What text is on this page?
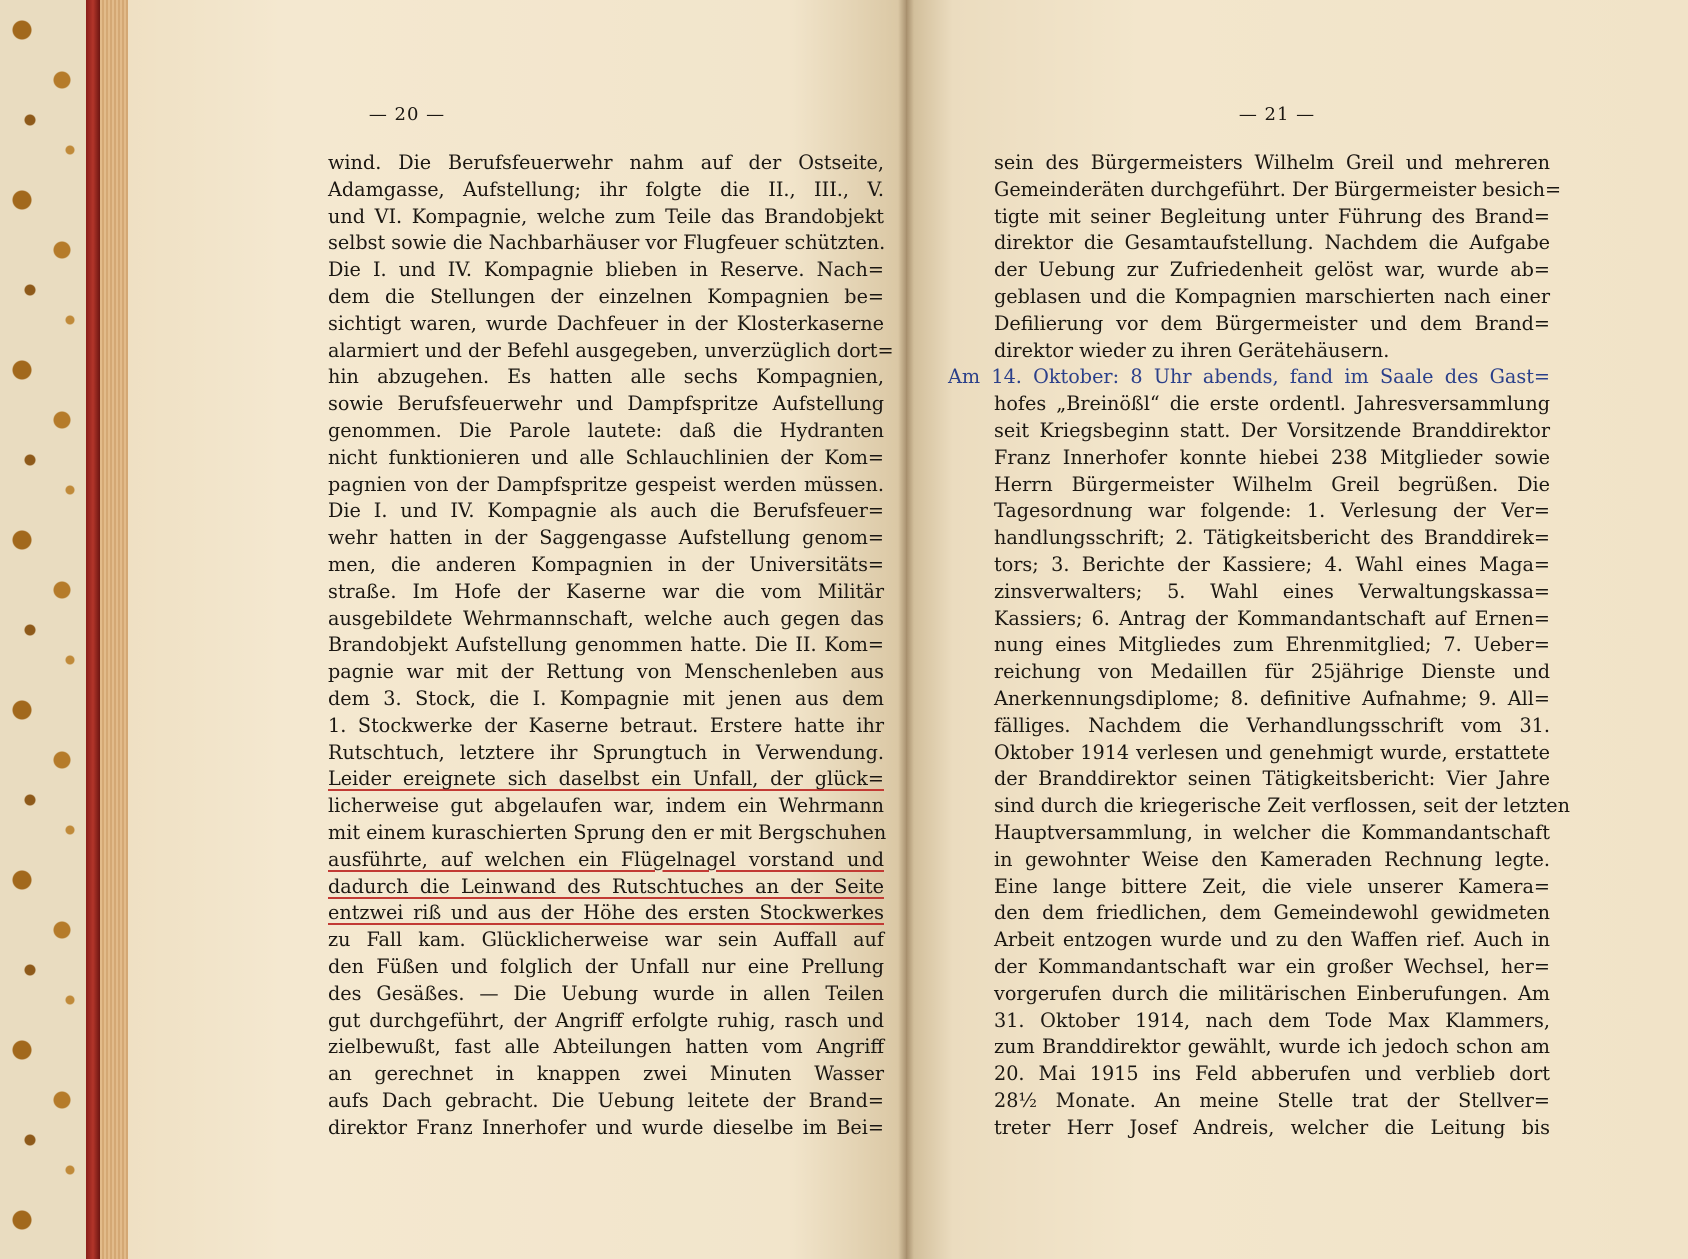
— 20 —
wind. Die Berufsfeuerwehr nahm auf der Ostseite,
Adamgasse, Aufstellung; ihr folgte die II., III., V.
und VI. Kompagnie, welche zum Teile das Brandobjekt
selbst sowie die Nachbarhäuser vor Flugfeuer schützten.
Die I. und IV. Kompagnie blieben in Reserve. Nach=
dem die Stellungen der einzelnen Kompagnien be=
sichtigt waren, wurde Dachfeuer in der Klosterkaserne
alarmiert und der Befehl ausgegeben, unverzüglich dort=
hin abzugehen. Es hatten alle sechs Kompagnien,
sowie Berufsfeuerwehr und Dampfspritze Aufstellung
genommen. Die Parole lautete: daß die Hydranten
nicht funktionieren und alle Schlauchlinien der Kom=
pagnien von der Dampfspritze gespeist werden müssen.
Die I. und IV. Kompagnie als auch die Berufsfeuer=
wehr hatten in der Saggengasse Aufstellung genom=
men, die anderen Kompagnien in der Universitäts=
straße. Im Hofe der Kaserne war die vom Militär
ausgebildete Wehrmannschaft, welche auch gegen das
Brandobjekt Aufstellung genommen hatte. Die II. Kom=
pagnie war mit der Rettung von Menschenleben aus
dem 3. Stock, die I. Kompagnie mit jenen aus dem
1. Stockwerke der Kaserne betraut. Erstere hatte ihr
Rutschtuch, letztere ihr Sprungtuch in Verwendung.
Leider ereignete sich daselbst ein Unfall, der glück=
licherweise gut abgelaufen war, indem ein Wehrmann
mit einem kuraschierten Sprung den er mit Bergschuhen
ausführte, auf welchen ein Flügelnagel vorstand und
dadurch die Leinwand des Rutschtuches an der Seite
entzwei riß und aus der Höhe des ersten Stockwerkes
zu Fall kam. Glücklicherweise war sein Auffall auf
den Füßen und folglich der Unfall nur eine Prellung
des Gesäßes. — Die Uebung wurde in allen Teilen
gut durchgeführt, der Angriff erfolgte ruhig, rasch und
zielbewußt, fast alle Abteilungen hatten vom Angriff
an gerechnet in knappen zwei Minuten Wasser
aufs Dach gebracht. Die Uebung leitete der Brand=
direktor Franz Innerhofer und wurde dieselbe im Bei=
— 21 —
sein des Bürgermeisters Wilhelm Greil und mehreren
Gemeinderäten durchgeführt. Der Bürgermeister besich=
tigte mit seiner Begleitung unter Führung des Brand=
direktor die Gesamtaufstellung. Nachdem die Aufgabe
der Uebung zur Zufriedenheit gelöst war, wurde ab=
geblasen und die Kompagnien marschierten nach einer
Defilierung vor dem Bürgermeister und dem Brand=
direktor wieder zu ihren Gerätehäusern.
Am 14. Oktober: 8 Uhr abends, fand im Saale des Gast=
hofes „Breinößl“ die erste ordentl. Jahresversammlung
seit Kriegsbeginn statt. Der Vorsitzende Branddirektor
Franz Innerhofer konnte hiebei 238 Mitglieder sowie
Herrn Bürgermeister Wilhelm Greil begrüßen. Die
Tagesordnung war folgende: 1. Verlesung der Ver=
handlungsschrift; 2. Tätigkeitsbericht des Branddirek=
tors; 3. Berichte der Kassiere; 4. Wahl eines Maga=
zinsverwalters; 5. Wahl eines Verwaltungskassa=
Kassiers; 6. Antrag der Kommandantschaft auf Ernen=
nung eines Mitgliedes zum Ehrenmitglied; 7. Ueber=
reichung von Medaillen für 25jährige Dienste und
Anerkennungsdiplome; 8. definitive Aufnahme; 9. All=
fälliges. Nachdem die Verhandlungsschrift vom 31.
Oktober 1914 verlesen und genehmigt wurde, erstattete
der Branddirektor seinen Tätigkeitsbericht: Vier Jahre
sind durch die kriegerische Zeit verflossen, seit der letzten
Hauptversammlung, in welcher die Kommandantschaft
in gewohnter Weise den Kameraden Rechnung legte.
Eine lange bittere Zeit, die viele unserer Kamera=
den dem friedlichen, dem Gemeindewohl gewidmeten
Arbeit entzogen wurde und zu den Waffen rief. Auch in
der Kommandantschaft war ein großer Wechsel, her=
vorgerufen durch die militärischen Einberufungen. Am
31. Oktober 1914, nach dem Tode Max Klammers,
zum Branddirektor gewählt, wurde ich jedoch schon am
20. Mai 1915 ins Feld abberufen und verblieb dort
28½ Monate. An meine Stelle trat der Stellver=
treter Herr Josef Andreis, welcher die Leitung bis
